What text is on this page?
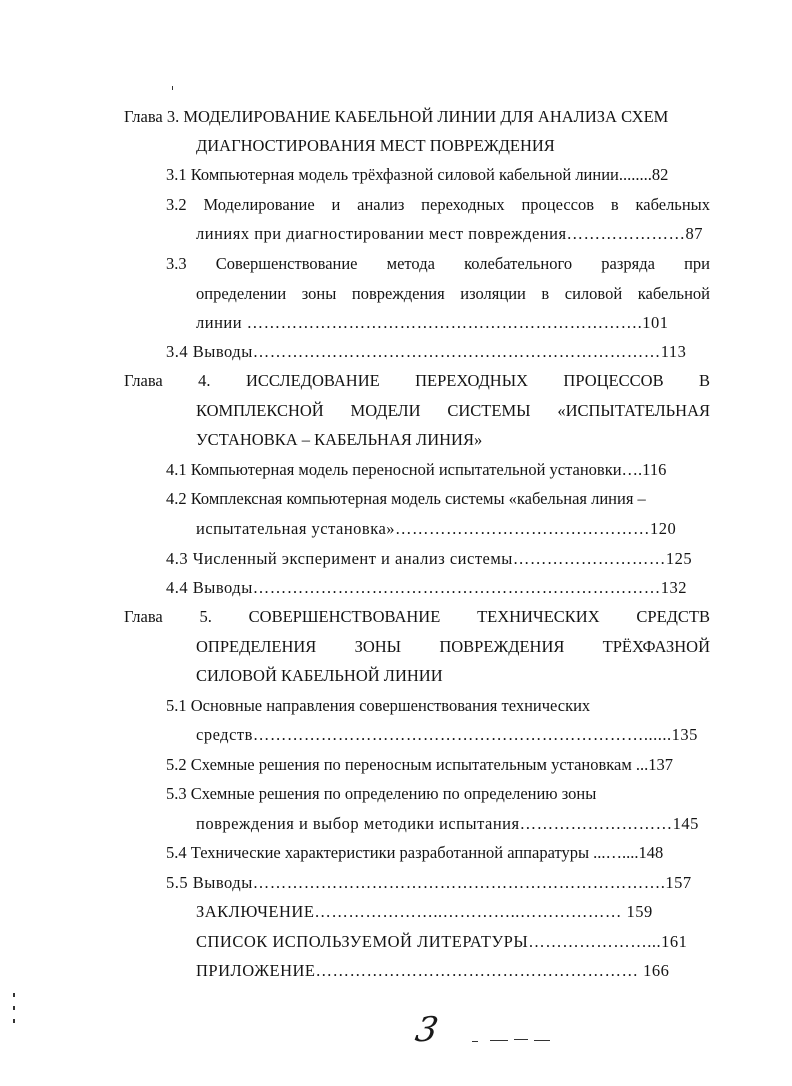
Глава 3. МОДЕЛИРОВАНИЕ КАБЕЛЬНОЙ ЛИНИИ ДЛЯ АНАЛИЗА СХЕМ
ДИАГНОСТИРОВАНИЯ МЕСТ ПОВРЕЖДЕНИЯ
3.1 Компьютерная модель трёхфазной силовой кабельной линии........82
3.2 Моделирование и анализ переходных процессов в кабельных
линиях при диагностировании мест повреждения…………………87
3.3 Совершенствование метода колебательного разряда при
определении зоны повреждения изоляции в силовой кабельной
линии …………………………………………………………….101
3.4 Выводы………………………………………………………………113
Глава 4. ИССЛЕДОВАНИЕ ПЕРЕХОДНЫХ ПРОЦЕССОВ В
КОМПЛЕКСНОЙ МОДЕЛИ СИСТЕМЫ «ИСПЫТАТЕЛЬНАЯ
УСТАНОВКА – КАБЕЛЬНАЯ ЛИНИЯ»
4.1 Компьютерная модель переносной испытательной установки….116
4.2 Комплексная компьютерная модель системы «кабельная линия –
испытательная установка»………………………………………120
4.3 Численный эксперимент и анализ системы………………………125
4.4 Выводы………………………………………………………………132
Глава 5. СОВЕРШЕНСТВОВАНИЕ ТЕХНИЧЕСКИХ СРЕДСТВ
ОПРЕДЕЛЕНИЯ ЗОНЫ ПОВРЕЖДЕНИЯ ТРЁХФАЗНОЙ
СИЛОВОЙ КАБЕЛЬНОЙ ЛИНИИ
5.1 Основные направления совершенствования технических
средств……………………………………………………………......135
5.2 Схемные решения по переносным испытательным установкам ...137
5.3 Схемные решения по определению по определению зоны
повреждения и выбор методики испытания………………………145
5.4 Технические характеристики разработанной аппаратуры ...…....148
5.5 Выводы……………………………………………………………….157
ЗАКЛЮЧЕНИЕ…………………..…………..……………… 159
СПИСОК ИСПОЛЬЗУЕМОЙ ЛИТЕРАТУРЫ…………………...161
ПРИЛОЖЕНИЕ………………………………………………… 166
3
